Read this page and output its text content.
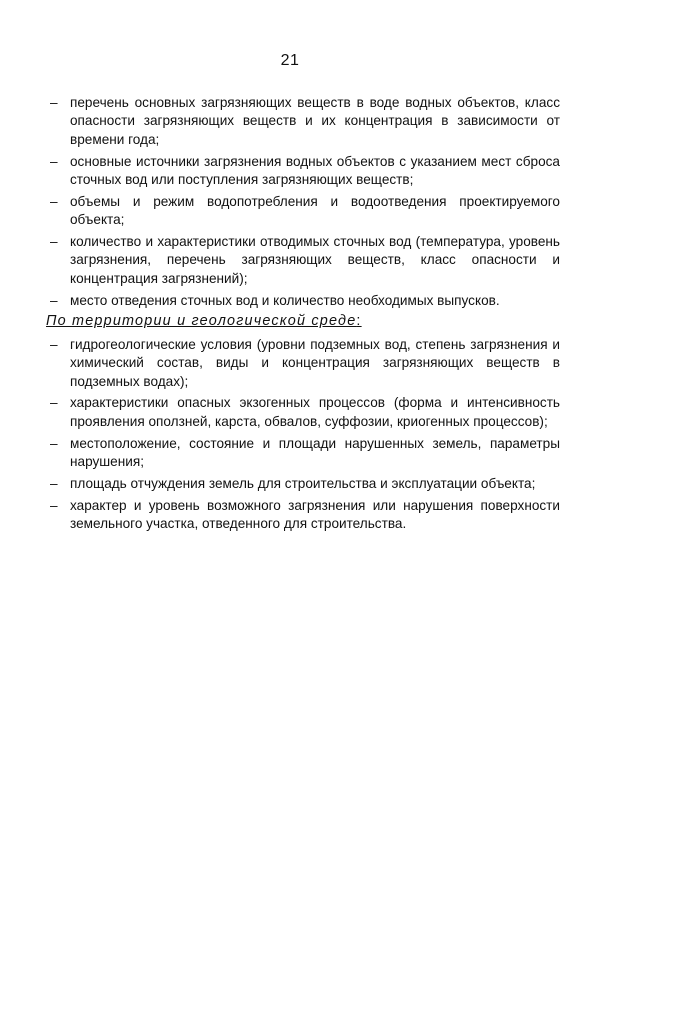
21
– перечень основных загрязняющих веществ в воде водных объектов, класс опасности загрязняющих веществ и их концентрация в зависимости от времени года;
– основные источники загрязнения водных объектов с указанием мест сброса сточных вод или поступления загрязняющих веществ;
– объемы и режим водопотребления и водоотведения проектируемого объекта;
– количество и характеристики отводимых сточных вод (температура, уровень загрязнения, перечень загрязняющих веществ, класс опасности и концентрация загрязнений);
– место отведения сточных вод и количество необходимых выпусков.
По территории и геологической среде:
– гидрогеологические условия (уровни подземных вод, степень загрязнения и химический состав, виды и концентрация загрязняющих веществ в подземных водах);
– характеристики опасных экзогенных процессов (форма и интенсивность проявления оползней, карста, обвалов, суффозии, криогенных процессов);
– местоположение, состояние и площади нарушенных земель, параметры нарушения;
– площадь отчуждения земель для строительства и эксплуатации объекта;
– характер и уровень возможного загрязнения или нарушения поверхности земельного участка, отведенного для строительства.
